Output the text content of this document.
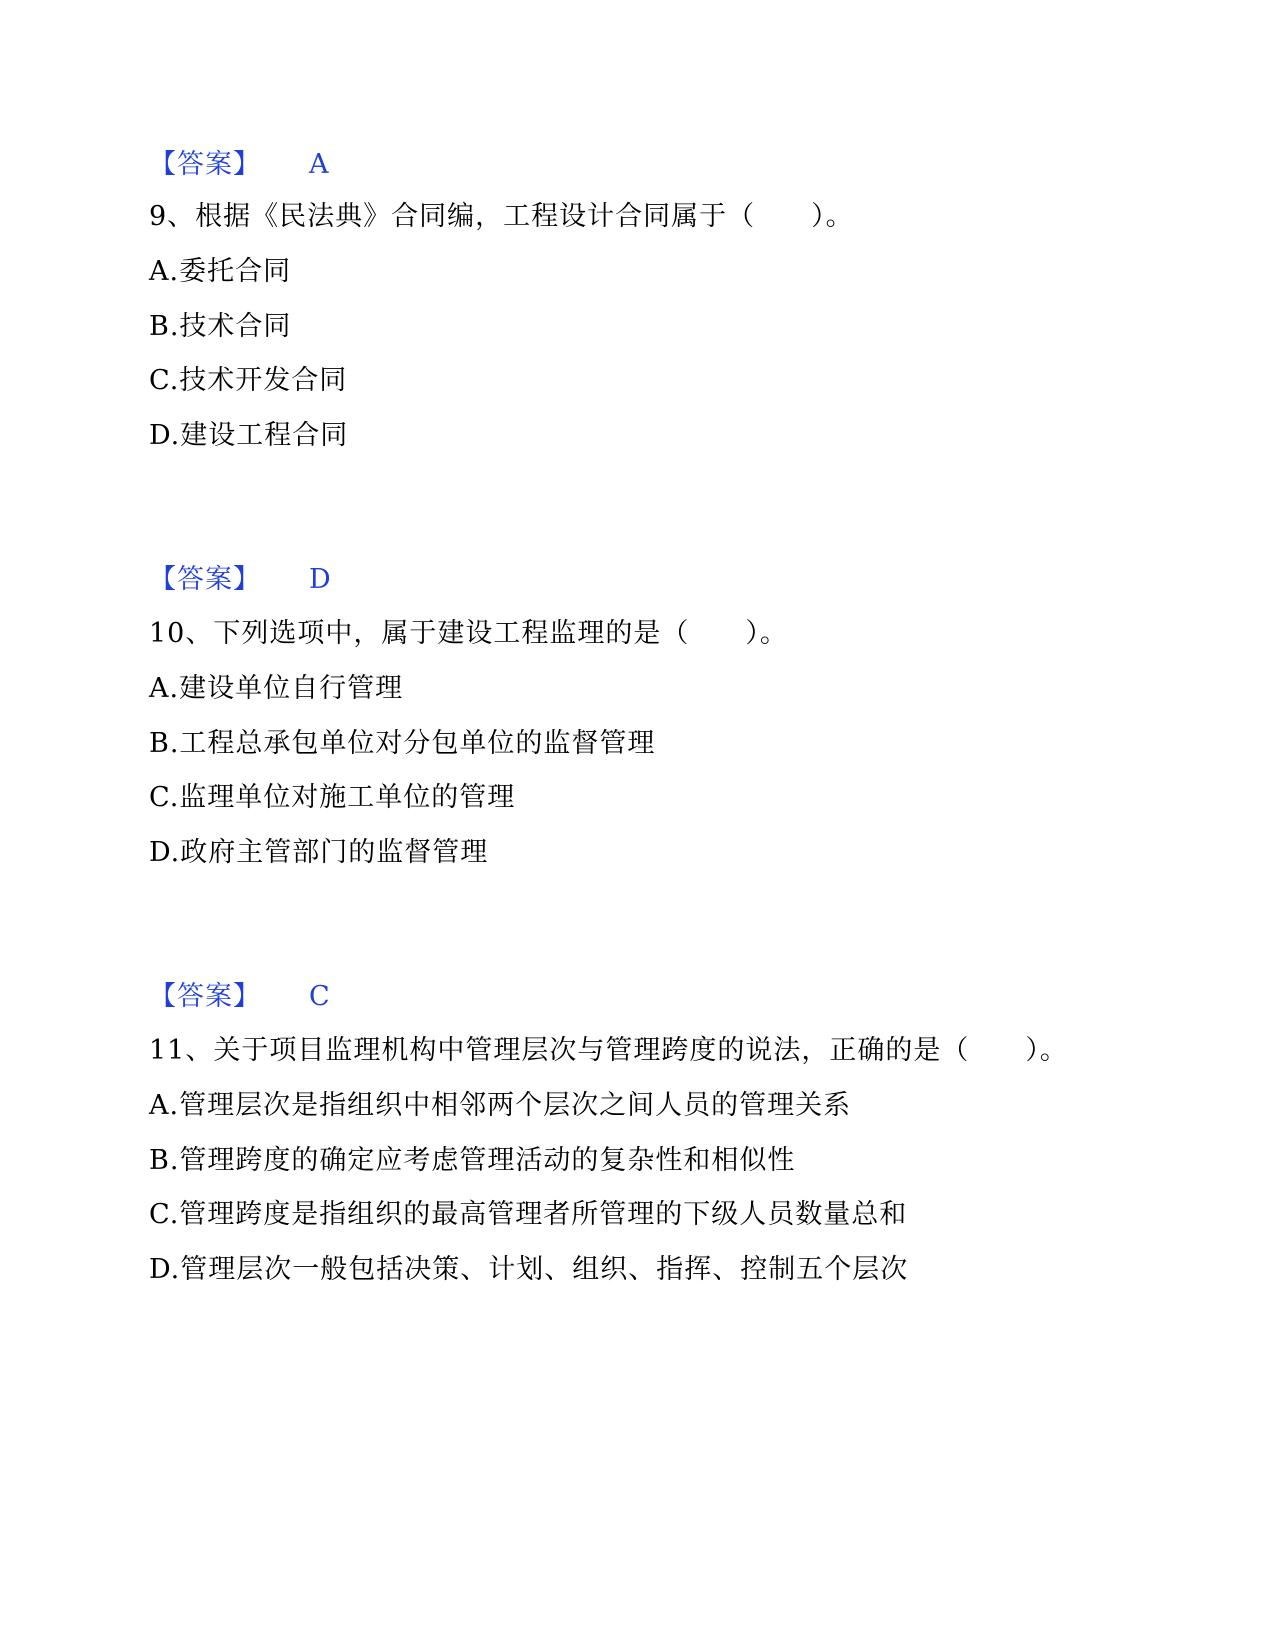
【答案】 A
9、根据《民法典》合同编，工程设计合同属于（　　）。
A.委托合同
B.技术合同
C.技术开发合同
D.建设工程合同
【答案】 D
10、下列选项中，属于建设工程监理的是（　　）。
A.建设单位自行管理
B.工程总承包单位对分包单位的监督管理
C.监理单位对施工单位的管理
D.政府主管部门的监督管理
【答案】 C
11、关于项目监理机构中管理层次与管理跨度的说法，正确的是（　　）。
A.管理层次是指组织中相邻两个层次之间人员的管理关系
B.管理跨度的确定应考虑管理活动的复杂性和相似性
C.管理跨度是指组织的最高管理者所管理的下级人员数量总和
D.管理层次一般包括决策、计划、组织、指挥、控制五个层次
